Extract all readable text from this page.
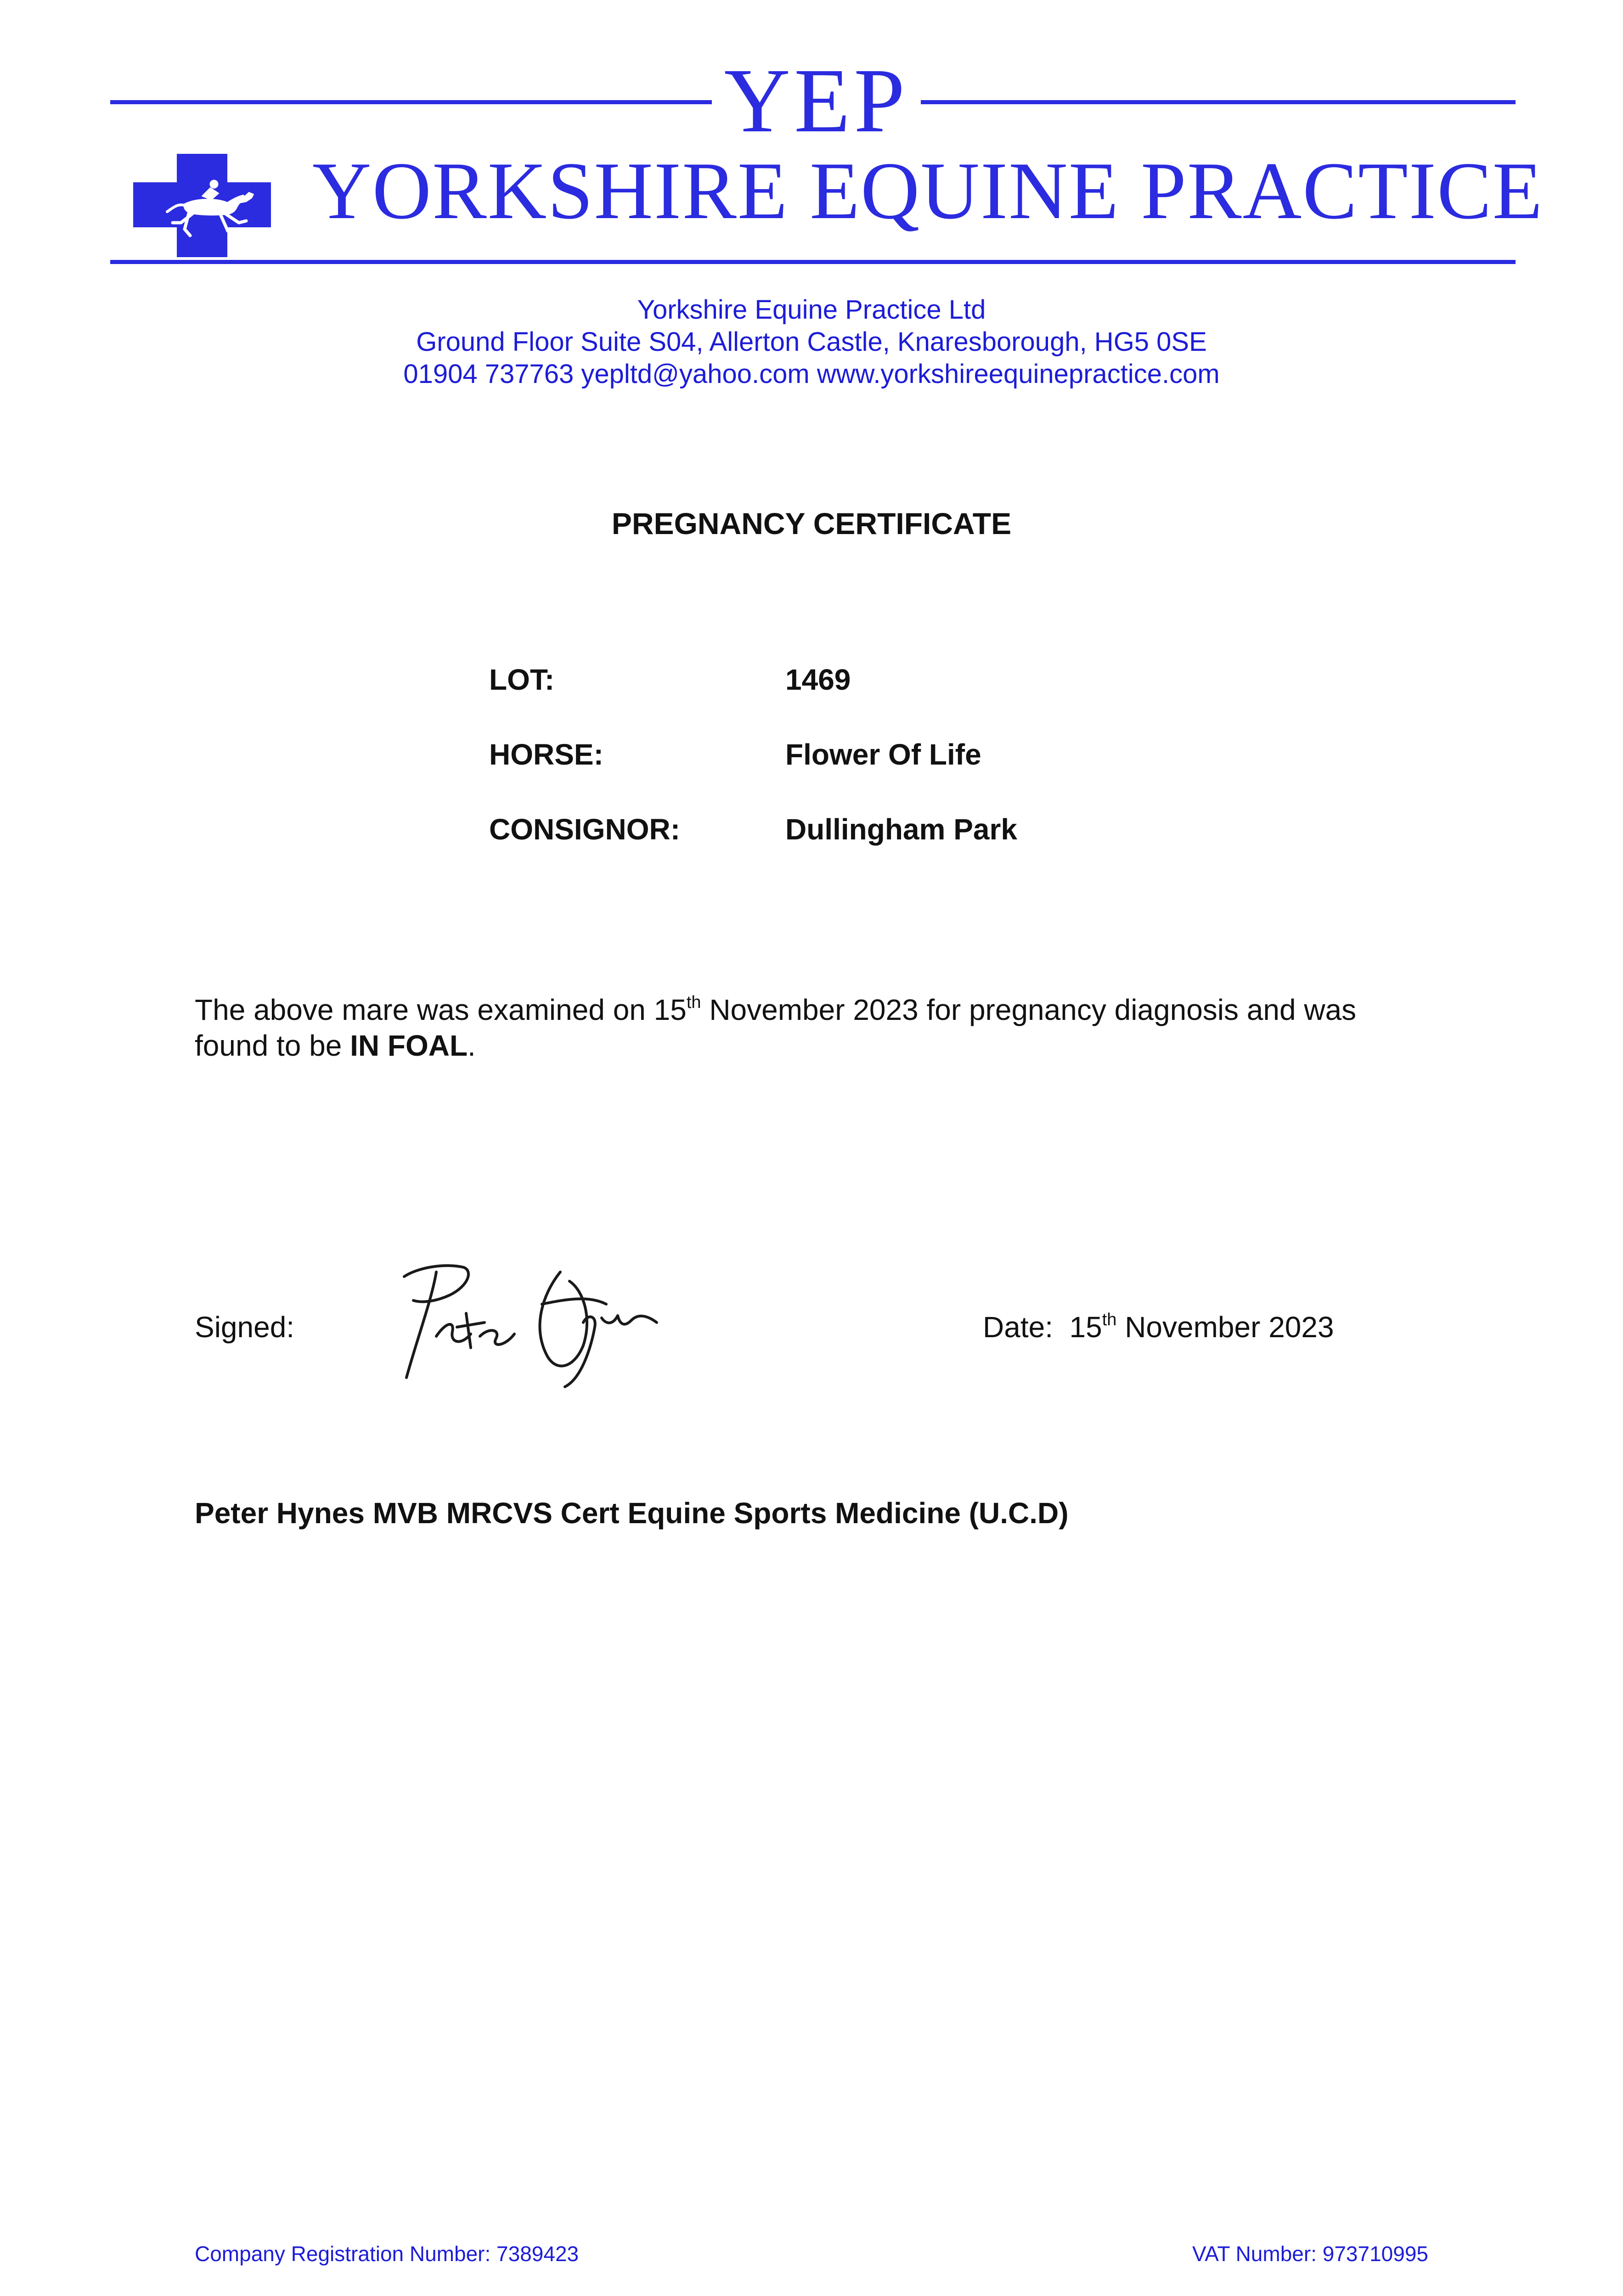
YEP
YORKSHIRE EQUINE PRACTICE
Yorkshire Equine Practice Ltd
Ground Floor Suite S04, Allerton Castle, Knaresborough, HG5 0SE
01904 737763 yepltd@yahoo.com www.yorkshireequinepractice.com
PREGNANCY CERTIFICATE
LOT:	1469
HORSE:	Flower Of Life
CONSIGNOR:	Dullingham Park
The above mare was examined on 15th November 2023 for pregnancy diagnosis and was found to be IN FOAL.
Signed:	Date: 15th November 2023
Peter Hynes MVB MRCVS Cert Equine Sports Medicine (U.C.D)
Company Registration Number: 7389423	VAT Number: 973710995
